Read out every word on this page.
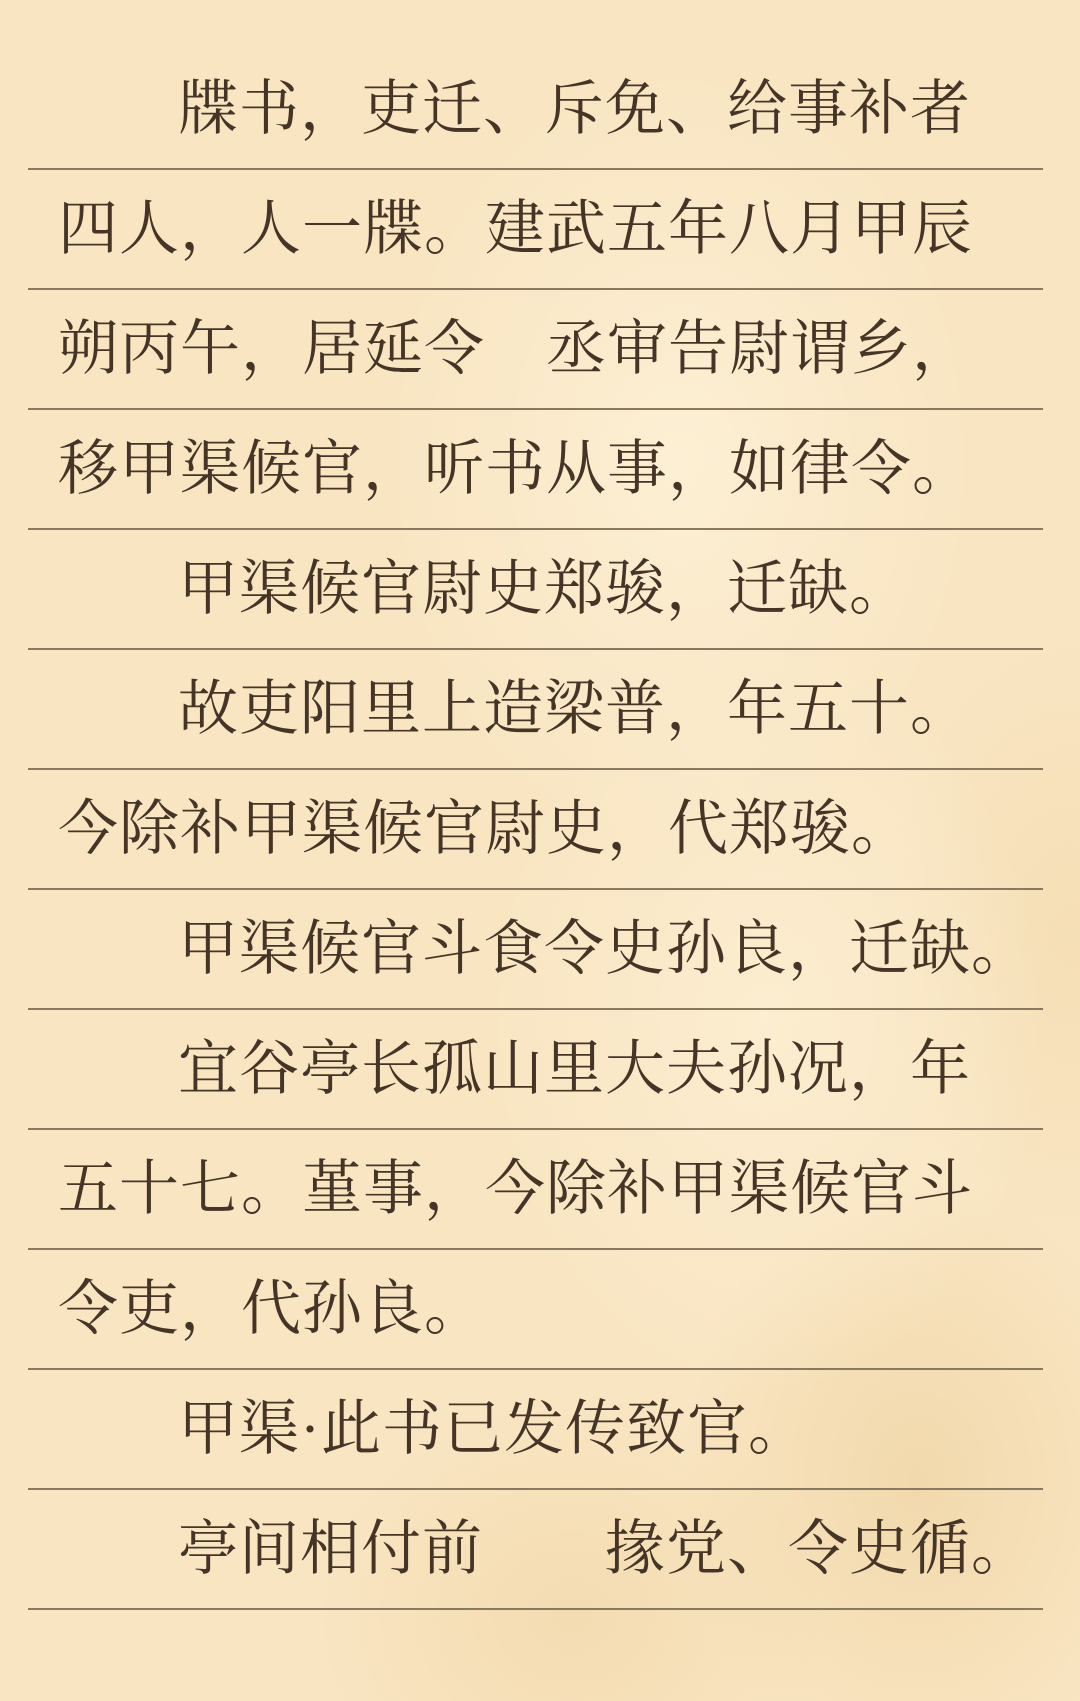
牒书，吏迁、斥免、给事补者
四人，人一牒。建武五年八月甲辰
朔丙午，居延令　丞审告尉谓乡，
移甲渠候官，听书从事，如律令。
甲渠候官尉史郑骏，迁缺。
故吏阳里上造梁普，年五十。
今除补甲渠候官尉史，代郑骏。
甲渠候官斗食令史孙良，迁缺。
宜谷亭长孤山里大夫孙况，年
五十七。堇事，今除补甲渠候官斗
令吏，代孙良。
甲渠·此书已发传致官。
亭间相付前　　掾党、令史循。
